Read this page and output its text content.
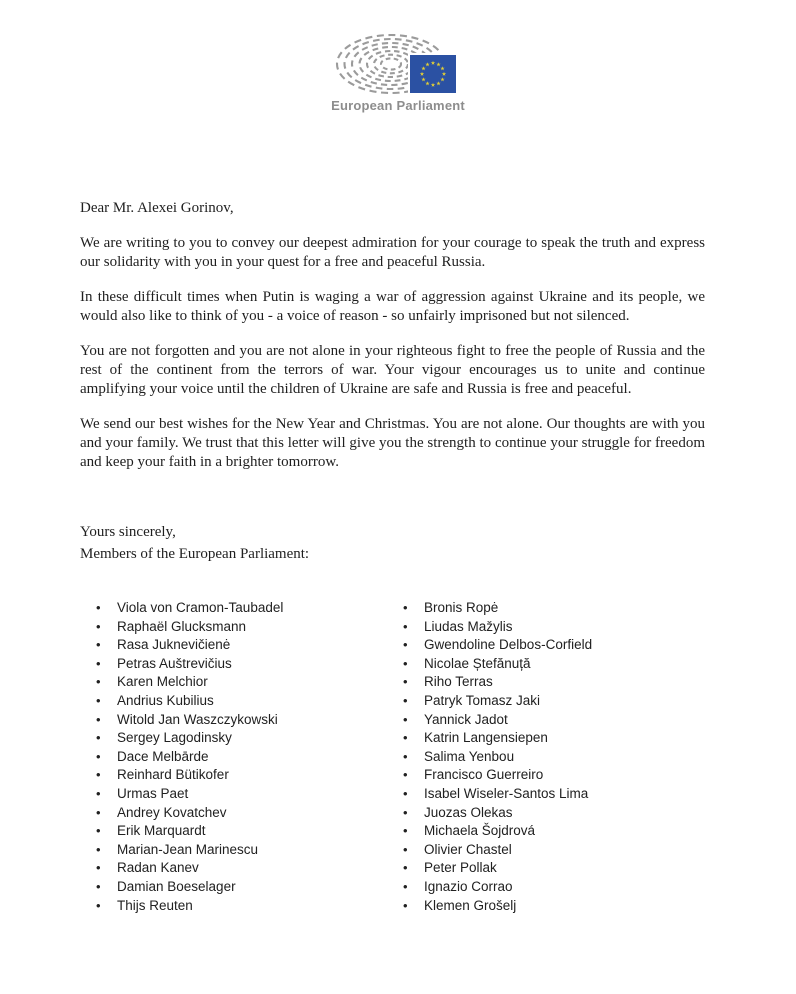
European Parliament

Dear Mr. Alexei Gorinov,

We are writing to you to convey our deepest admiration for your courage to speak the truth and express our solidarity with you in your quest for a free and peaceful Russia.

In these difficult times when Putin is waging a war of aggression against Ukraine and its people, we would also like to think of you - a voice of reason - so unfairly imprisoned but not silenced.

You are not forgotten and you are not alone in your righteous fight to free the people of Russia and the rest of the continent from the terrors of war. Your vigour encourages us to unite and continue amplifying your voice until the children of Ukraine are safe and Russia is free and peaceful.

We send our best wishes for the New Year and Christmas. You are not alone. Our thoughts are with you and your family. We trust that this letter will give you the strength to continue your struggle for freedom and keep your faith in a brighter tomorrow.

Yours sincerely,
Members of the European Parliament:
• Viola von Cramon-Taubadel
• Raphaël Glucksmann
• Rasa Juknevičienė
• Petras Auštrevičius
• Karen Melchior
• Andrius Kubilius
• Witold Jan Waszczykowski
• Sergey Lagodinsky
• Dace Melbārde
• Reinhard Bütikofer
• Urmas Paet
• Andrey Kovatchev
• Erik Marquardt
• Marian-Jean Marinescu
• Radan Kanev
• Damian Boeselager
• Thijs Reuten
• Bronis Ropė
• Liudas Mažylis
• Gwendoline Delbos-Corfield
• Nicolae Ștefănuță
• Riho Terras
• Patryk Tomasz Jaki
• Yannick Jadot
• Katrin Langensiepen
• Salima Yenbou
• Francisco Guerreiro
• Isabel Wiseler-Santos Lima
• Juozas Olekas
• Michaela Šojdrová
• Olivier Chastel
• Peter Pollak
• Ignazio Corrao
• Klemen Grošelj
